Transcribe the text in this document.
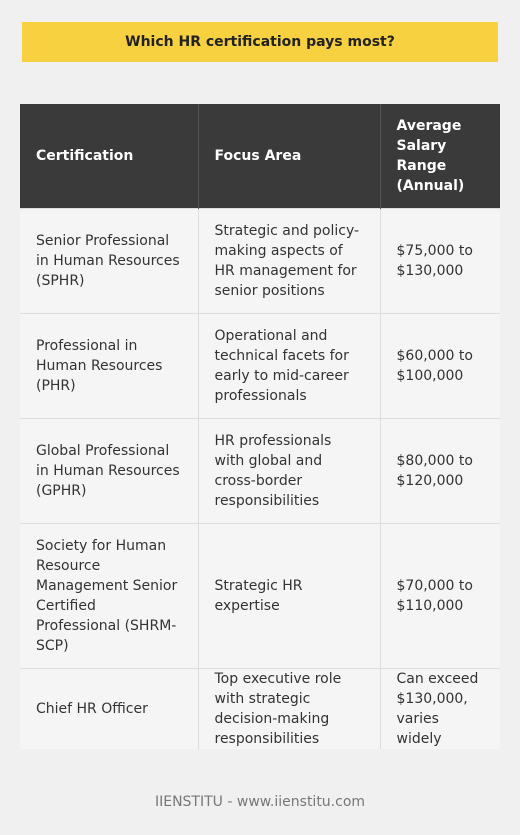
Which HR certification pays most?
Certification	Focus Area	Average Salary Range (Annual)
Senior Professional in Human Resources (SPHR)	Strategic and policy-making aspects of HR management for senior positions	$75,000 to $130,000
Professional in Human Resources (PHR)	Operational and technical facets for early to mid-career professionals	$60,000 to $100,000
Global Professional in Human Resources (GPHR)	HR professionals with global and cross-border responsibilities	$80,000 to $120,000
Society for Human Resource Management Senior Certified Professional (SHRM-SCP)	Strategic HR expertise	$70,000 to $110,000
Chief HR Officer	Top executive role with strategic decision-making responsibilities	Can exceed $130,000, varies widely
IIENSTITU - www.iienstitu.com
